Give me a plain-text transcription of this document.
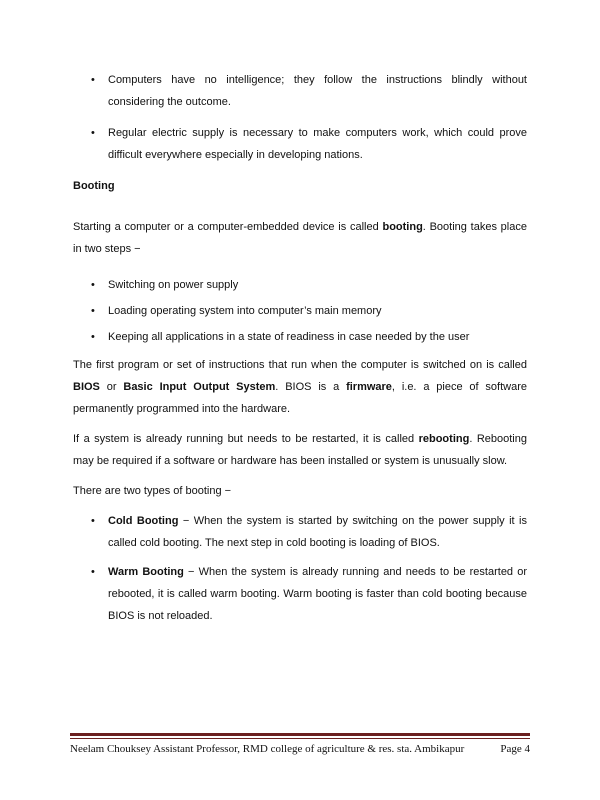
• Computers have no intelligence; they follow the instructions blindly without considering the outcome.
• Regular electric supply is necessary to make computers work, which could prove difficult everywhere especially in developing nations.

Booting

Starting a computer or a computer-embedded device is called booting. Booting takes place in two steps −

• Switching on power supply
• Loading operating system into computer’s main memory
• Keeping all applications in a state of readiness in case needed by the user

The first program or set of instructions that run when the computer is switched on is called BIOS or Basic Input Output System. BIOS is a firmware, i.e. a piece of software permanently programmed into the hardware.

If a system is already running but needs to be restarted, it is called rebooting. Rebooting may be required if a software or hardware has been installed or system is unusually slow.

There are two types of booting −

• Cold Booting − When the system is started by switching on the power supply it is called cold booting. The next step in cold booting is loading of BIOS.
• Warm Booting − When the system is already running and needs to be restarted or rebooted, it is called warm booting. Warm booting is faster than cold booting because BIOS is not reloaded.
Neelam Chouksey Assistant Professor, RMD college of agriculture & res. sta. Ambikapur	Page 4
